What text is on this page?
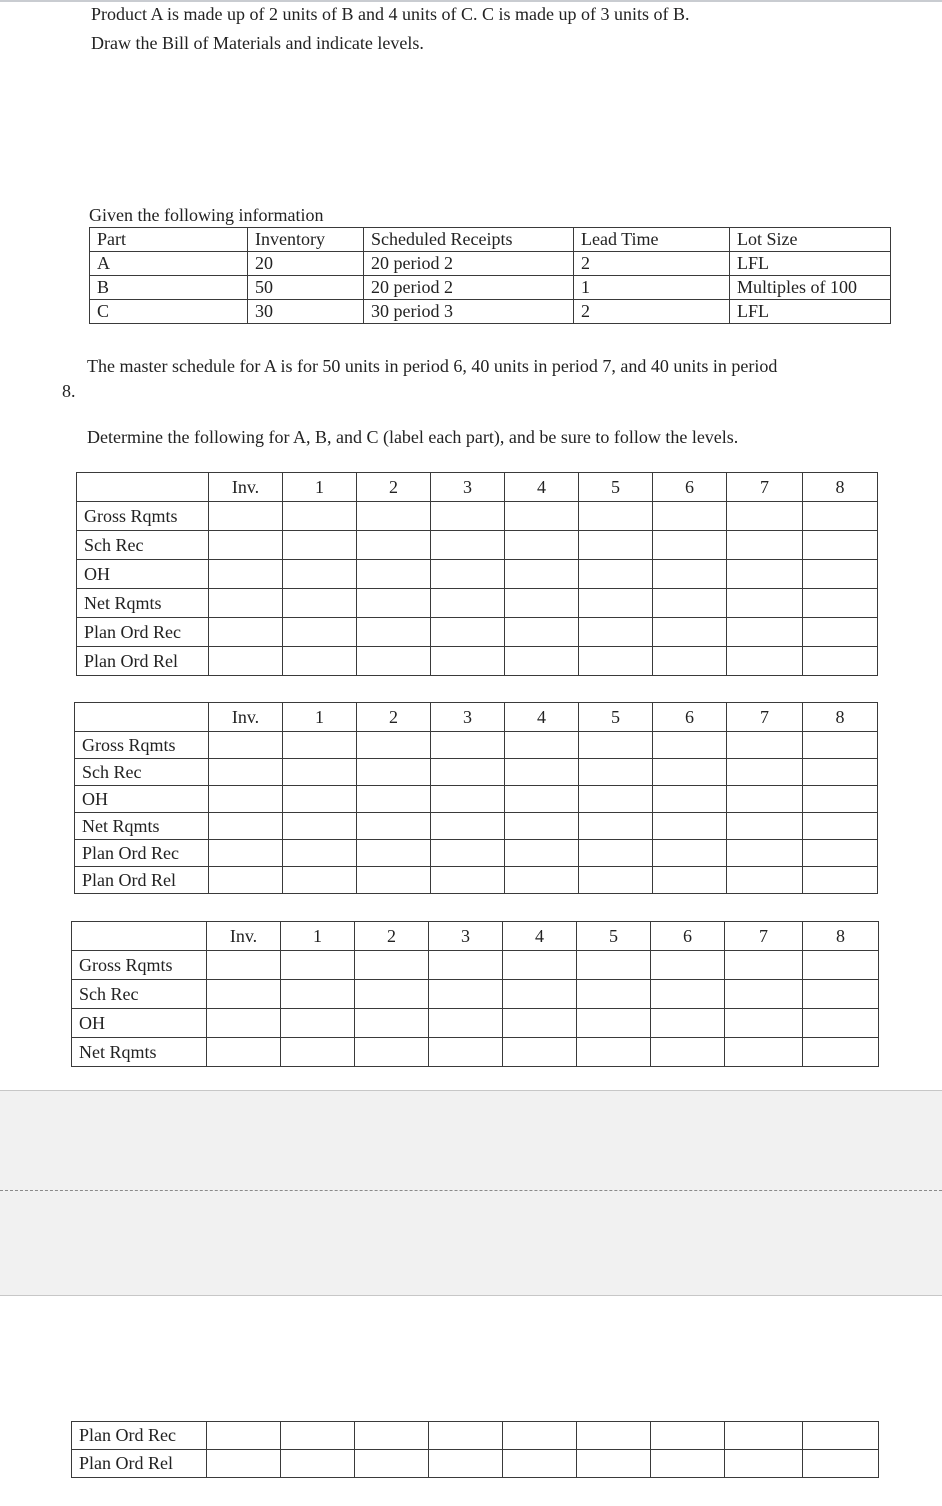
Product A is made up of 2 units of B and 4 units of C. C is made up of 3 units of B.
Draw the Bill of Materials and indicate levels.
Given the following information
Part	Inventory	Scheduled Receipts	Lead Time	Lot Size
A	20	20 period 2	2	LFL
B	50	20 period 2	1	Multiples of 100
C	30	30 period 3	2	LFL
The master schedule for A is for 50 units in period 6, 40 units in period 7, and 40 units in period
8.
Determine the following for A, B, and C (label each part), and be sure to follow the levels.
	Inv.	1	2	3	4	5	6	7	8
Gross Rqmts									
Sch Rec									
OH									
Net Rqmts									
Plan Ord Rec									
Plan Ord Rel									
	Inv.	1	2	3	4	5	6	7	8
Gross Rqmts									
Sch Rec									
OH									
Net Rqmts									
Plan Ord Rec									
Plan Ord Rel									
	Inv.	1	2	3	4	5	6	7	8
Gross Rqmts									
Sch Rec									
OH									
Net Rqmts									
Plan Ord Rec									
Plan Ord Rel									
